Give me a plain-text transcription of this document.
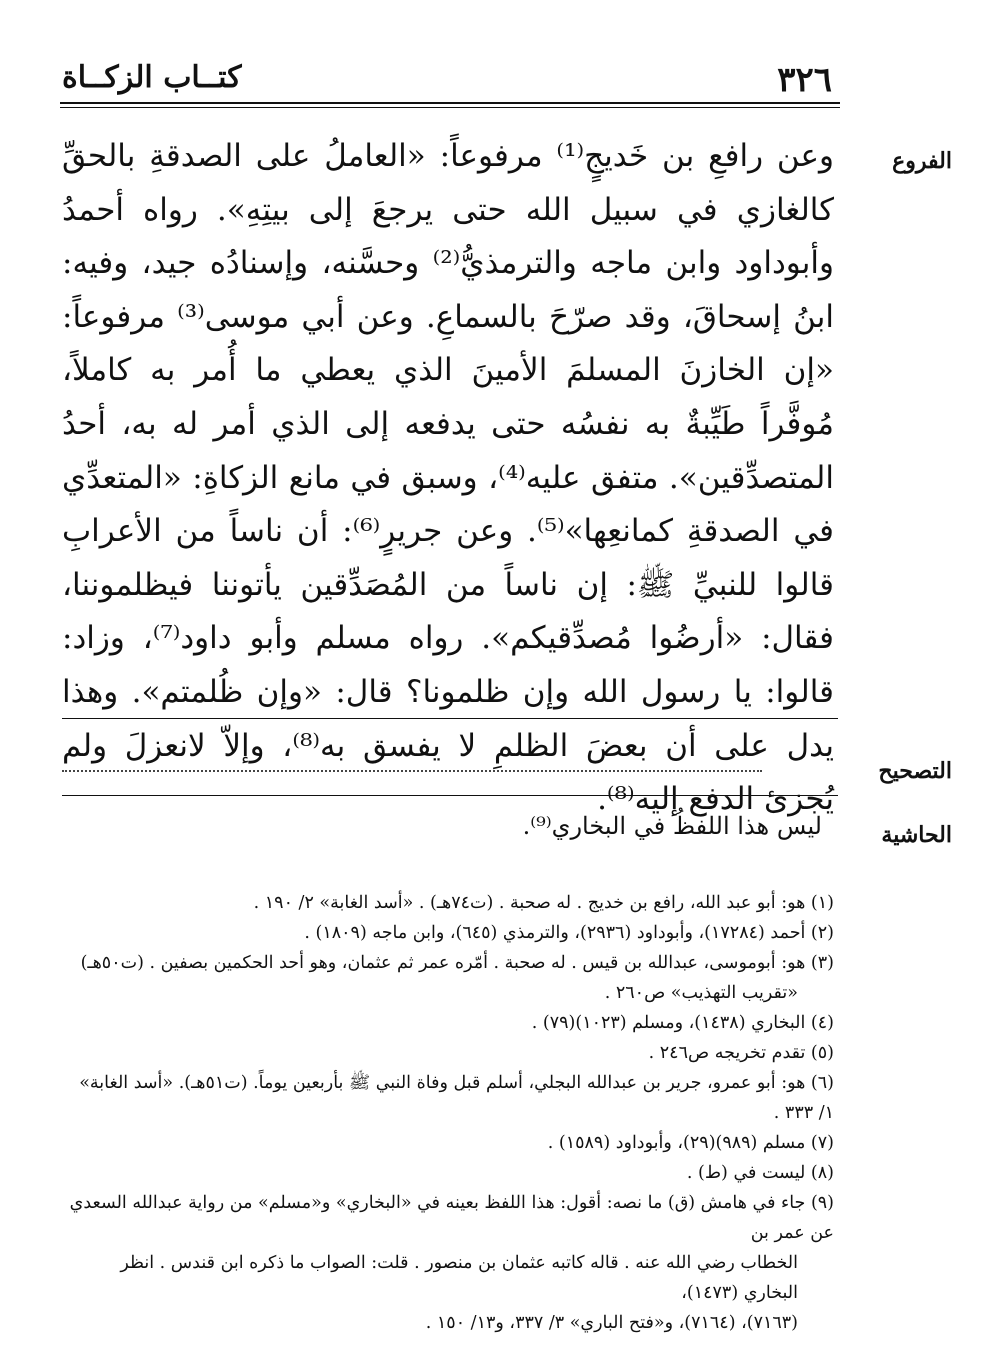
٣٢٦
كتــاب الزكــاة
الفروع
وعن رافعِ بن خَديجٍ⁽¹⁾ مرفوعاً: «العاملُ على الصدقةِ بالحقِّ كالغازي في سبيل الله حتى يرجعَ إلى بيتِهِ». رواه أحمدُ وأبوداود وابن ماجه والترمذيُّ⁽²⁾ وحسَّنه، وإسنادُه جيد، وفيه: ابنُ إسحاقَ، وقد صرّحَ بالسماعِ. وعن أبي موسى⁽³⁾ مرفوعاً: «إن الخازنَ المسلمَ الأمينَ الذي يعطي ما أُمر به كاملاً، مُوفَّراً طَيِّبةٌ به نفسُه حتى يدفعه إلى الذي أمر له به، أحدُ المتصدِّقين». متفق عليه⁽⁴⁾، وسبق في مانع الزكاةِ: «المتعدِّي في الصدقةِ كمانعِها»⁽⁵⁾. وعن جريرٍ⁽⁶⁾: أن ناساً من الأعرابِ قالوا للنبيِّ ﷺ: إن ناساً من المُصَدِّقين يأتوننا فيظلموننا، فقال: «أرضُوا مُصدِّقيكم». رواه مسلم وأبو داود⁽⁷⁾، وزاد: قالوا: يا رسول الله وإن ظلمونا؟ قال: «وإن ظُلمتم». وهذا يدل على أن بعضَ الظلمِ لا يفسق به⁽⁸⁾، وإلاّ لانعزلَ ولم يُجزئ الدفع إليه⁽⁸⁾.
التصحيح
الحاشية
ليس هذا اللفظُ في البخاري⁽⁹⁾.

(١) هو: أبو عبد الله، رافع بن خديج . له صحبة . (ت٧٤هـ) . «أسد الغابة» ٢/ ١٩٠ .

(٢) أحمد (١٧٢٨٤)، وأبوداود (٢٩٣٦)، والترمذي (٦٤٥)، وابن ماجه (١٨٠٩) .

(٣) هو: أبوموسى، عبدالله بن قيس . له صحبة . أمّره عمر ثم عثمان، وهو أحد الحكمين بصفين . (ت٥٠هـ)

«تقريب التهذيب» ص٢٦٠ .

(٤) البخاري (١٤٣٨)، ومسلم (١٠٢٣)(٧٩) .

(٥) تقدم تخريجه ص٢٤٦ .

(٦) هو: أبو عمرو، جرير بن عبدالله البجلي، أسلم قبل وفاة النبي ﷺ بأربعين يوماً. (ت٥١هـ). «أسد الغابة» ١/ ٣٣٣ .

(٧) مسلم (٩٨٩)(٢٩)، وأبوداود (١٥٨٩) .

(٨) ليست في (ط) .

(٩) جاء في هامش (ق) ما نصه: أقول: هذا اللفظ بعينه في «البخاري» و«مسلم» من رواية عبدالله السعدي عن عمر بن

الخطاب رضي الله عنه . قاله كاتبه عثمان بن منصور . قلت: الصواب ما ذكره ابن قندس . انظر البخاري (١٤٧٣)،

(٧١٦٣)، (٧١٦٤)، و«فتح الباري» ٣/ ٣٣٧، و١٣/ ١٥٠ .
